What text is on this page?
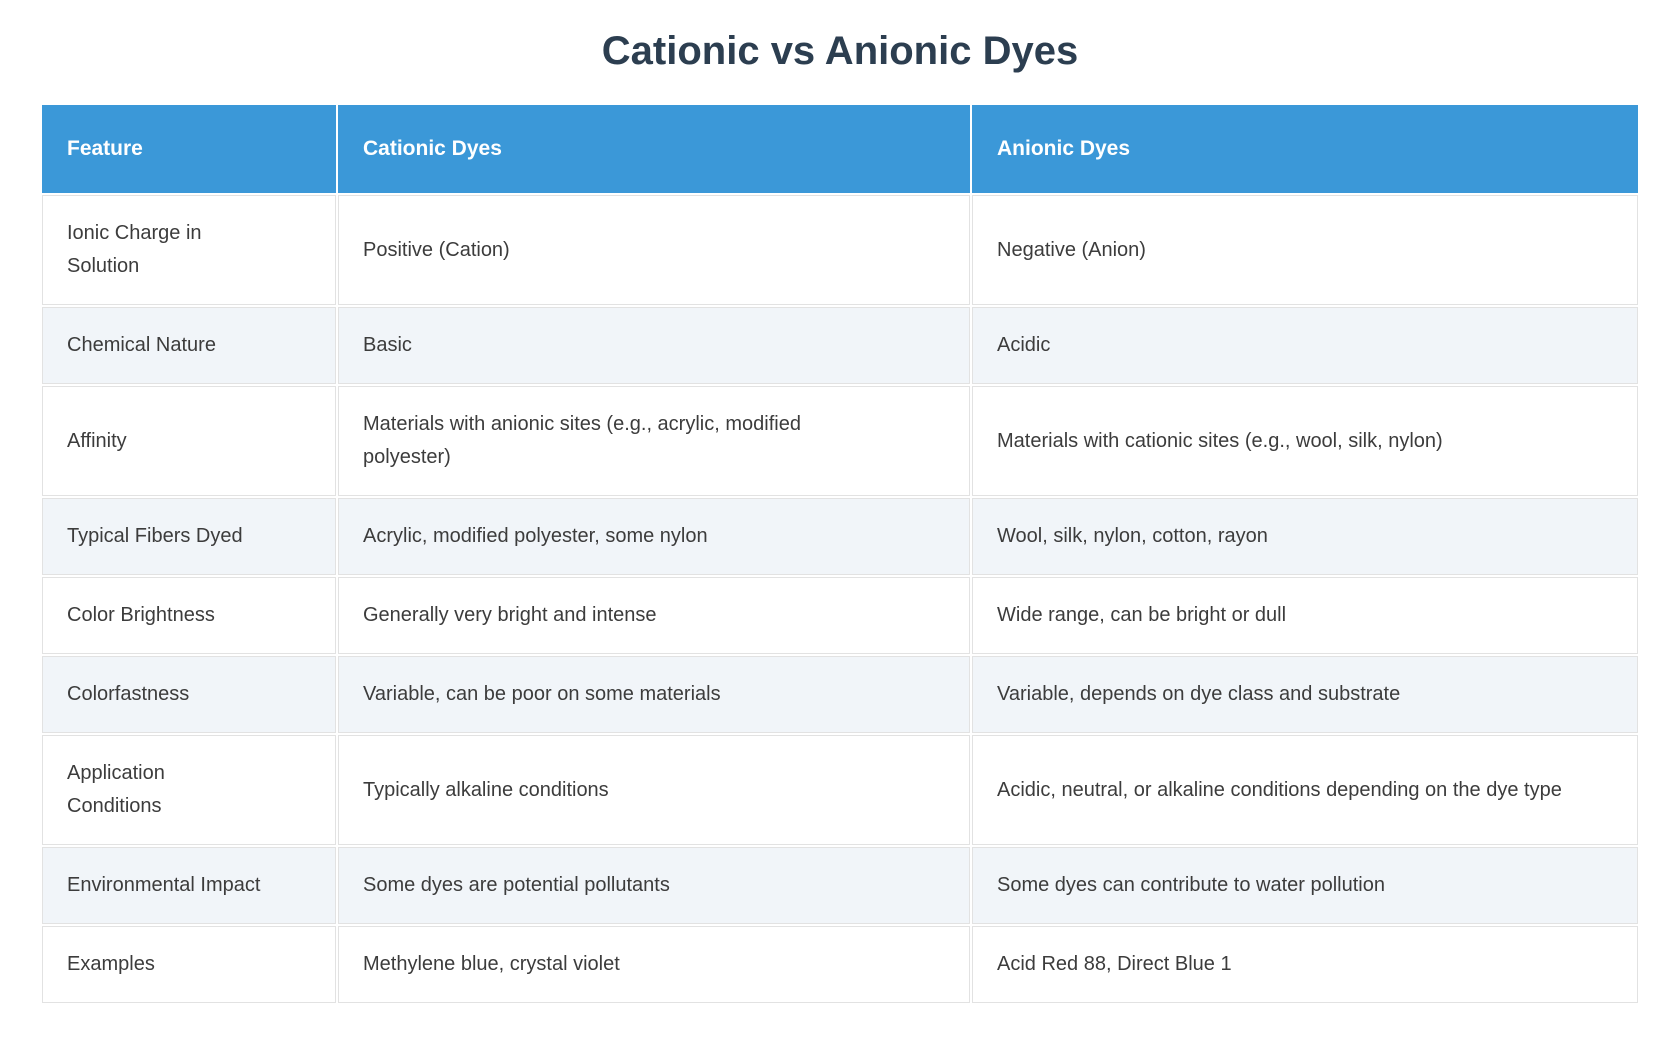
Cationic vs Anionic Dyes
Feature	Cationic Dyes	Anionic Dyes
Ionic Charge in Solution	Positive (Cation)	Negative (Anion)
Chemical Nature	Basic	Acidic
Affinity	Materials with anionic sites (e.g., acrylic, modified polyester)	Materials with cationic sites (e.g., wool, silk, nylon)
Typical Fibers Dyed	Acrylic, modified polyester, some nylon	Wool, silk, nylon, cotton, rayon
Color Brightness	Generally very bright and intense	Wide range, can be bright or dull
Colorfastness	Variable, can be poor on some materials	Variable, depends on dye class and substrate
Application Conditions	Typically alkaline conditions	Acidic, neutral, or alkaline conditions depending on the dye type
Environmental Impact	Some dyes are potential pollutants	Some dyes can contribute to water pollution
Examples	Methylene blue, crystal violet	Acid Red 88, Direct Blue 1
